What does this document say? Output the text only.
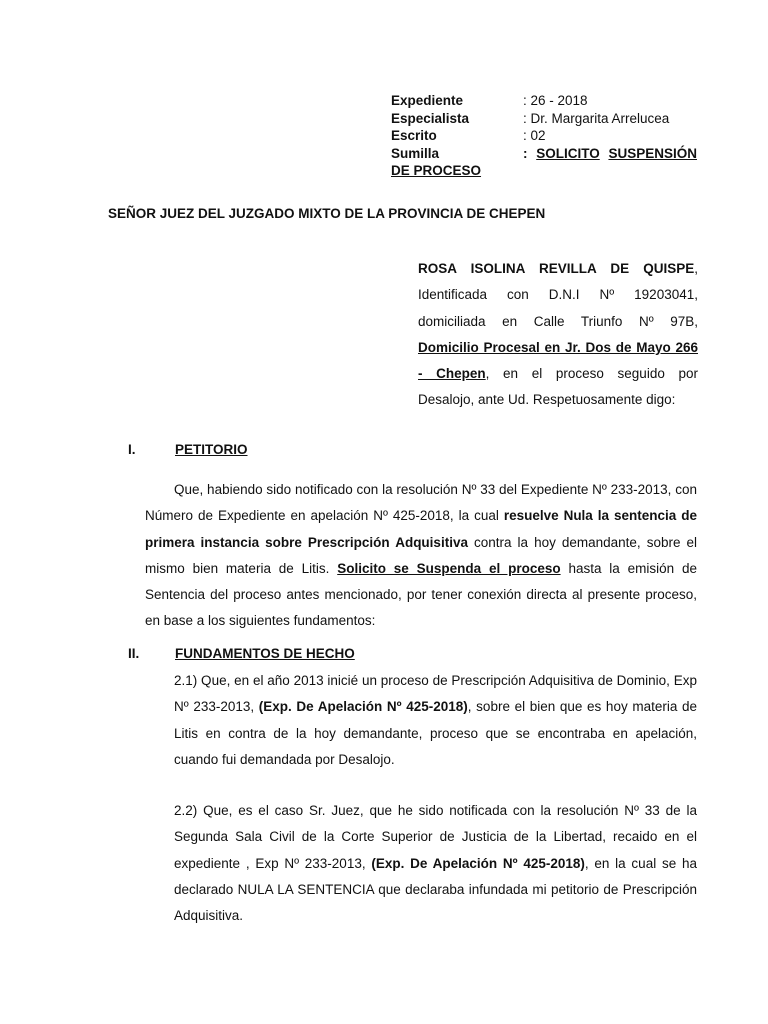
Expediente	: 26 - 2018
Especialista	: Dr. Margarita Arrelucea
Escrito	: 02
Sumilla	: SOLICITO SUSPENSIÓN
DE PROCESO
SEÑOR JUEZ DEL JUZGADO MIXTO DE LA PROVINCIA DE CHEPEN

ROSA ISOLINA REVILLA DE QUISPE, Identificada con D.N.I Nº 19203041, domiciliada en Calle Triunfo Nº 97B, Domicilio Procesal en Jr. Dos de Mayo 266 - Chepen, en el proceso seguido por Desalojo, ante Ud. Respetuosamente digo:

I.	PETITORIO

Que, habiendo sido notificado con la resolución Nº 33 del Expediente Nº 233-2013, con Número de Expediente en apelación Nº 425-2018, la cual resuelve Nula la sentencia de primera instancia sobre Prescripción Adquisitiva contra la hoy demandante, sobre el mismo bien materia de Litis. Solicito se Suspenda el proceso hasta la emisión de Sentencia del proceso antes mencionado, por tener conexión directa al presente proceso, en base a los siguientes fundamentos:

II.	FUNDAMENTOS DE HECHO

2.1) Que, en el año 2013 inicié un proceso de Prescripción Adquisitiva de Dominio, Exp Nº 233-2013, (Exp. De Apelación Nº 425-2018), sobre el bien que es hoy materia de Litis en contra de la hoy demandante, proceso que se encontraba en apelación, cuando fui demandada por Desalojo.

2.2) Que, es el caso Sr. Juez, que he sido notificada con la resolución Nº 33 de la Segunda Sala Civil de la Corte Superior de Justicia de la Libertad, recaido en el expediente , Exp Nº 233-2013, (Exp. De Apelación Nº 425-2018), en la cual se ha declarado NULA LA SENTENCIA que declaraba infundada mi petitorio de Prescripción Adquisitiva.
